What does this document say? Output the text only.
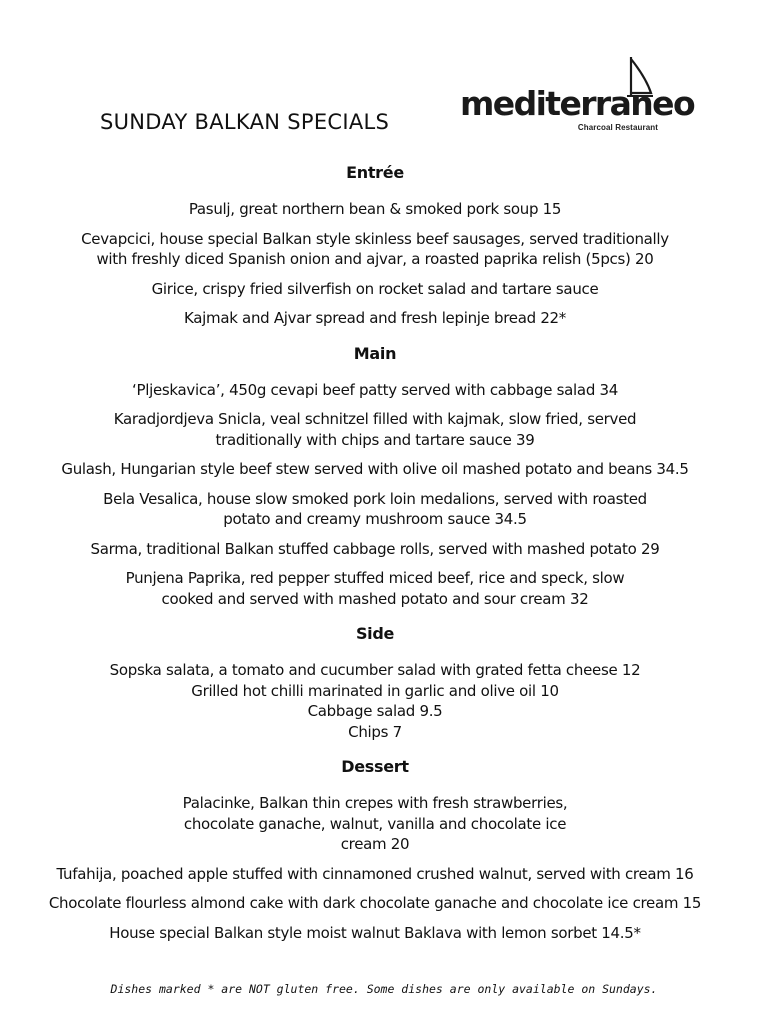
SUNDAY BALKAN SPECIALS mediterraneo
Charcoal Restaurant
Entrée
Pasulj, great northern bean & smoked pork soup 15
Cevapcici, house special Balkan style skinless beef sausages, served traditionally with freshly diced Spanish onion and ajvar, a roasted paprika relish (5pcs) 20
Girice, crispy fried silverfish on rocket salad and tartare sauce
Kajmak and Ajvar spread and fresh lepinje bread 22*
Main
‘Pljeskavica’, 450g cevapi beef patty served with cabbage salad 34
Karadjordjeva Snicla, veal schnitzel filled with kajmak, slow fried, served traditionally with chips and tartare sauce 39
Gulash, Hungarian style beef stew served with olive oil mashed potato and beans 34.5
Bela Vesalica, house slow smoked pork loin medalions, served with roasted potato and creamy mushroom sauce 34.5
Sarma, traditional Balkan stuffed cabbage rolls, served with mashed potato 29
Punjena Paprika, red pepper stuffed miced beef, rice and speck, slow cooked and served with mashed potato and sour cream 32
Side
Sopska salata, a tomato and cucumber salad with grated fetta cheese 12
Grilled hot chilli marinated in garlic and olive oil 10
Cabbage salad 9.5
Chips 7
Dessert
Palacinke, Balkan thin crepes with fresh strawberries, chocolate ganache, walnut, vanilla and chocolate ice cream 20
Tufahija, poached apple stuffed with cinnamoned crushed walnut, served with cream 16
Chocolate flourless almond cake with dark chocolate ganache and chocolate ice cream 15
House special Balkan style moist walnut Baklava with lemon sorbet 14.5*
Dishes marked * are NOT gluten free. Some dishes are only available on Sundays.
